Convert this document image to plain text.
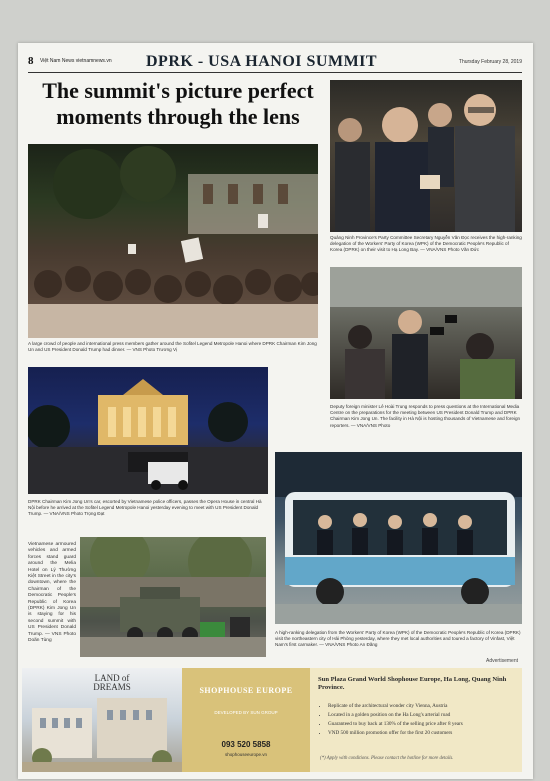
8 Việt Nam News vietnamnews.vn DPRK - USA HANOI SUMMIT	Thursday February 28, 2019
The summit's picture perfect moments through the lens
A large crowd of people and international press members gather around the Sofitel Legend Metropole Hanoi where DPRK Chairman Kim Jong Un and US President Donald Trump had dinner. — VNS Photo Trương Vị
Quảng Ninh Province's Party Committee Secretary Nguyễn Văn Đọc receives the high-ranking delegation of the Workers' Party of Korea (WPK) of the Democratic People's Republic of Korea (DPRK) on their visit to Hạ Long Bay. — VNA/VNS Photo Văn Đức
Deputy foreign minister Lê Hoài Trung responds to press questions at the International Media Centre on the preparations for the meeting between US President Donald Trump and DPRK Chairman Kim Jong Un. The facility in Hà Nội is hosting thousands of Vietnamese and foreign reporters. — VNA/VNS Photo
DPRK Chairman Kim Jong Un's car, escorted by Vietnamese police officers, passes the Opera House in central Hà Nội before he arrived at the Sofitel Legend Metropole Hanoi yesterday evening to meet with US President Donald Trump. — VNA/VNS Photo Trọng Đạt
Vietnamese armoured vehicles and armed forces stand guard around the Melia Hotel on Lý Thường Kiệt Street in the city's downtown, where the Chairman of the Democratic People's Republic of Korea (DPRK) Kim Jong Un is staying for his second summit with US President Donald Trump. — VNS Photo Doãn Tùng
A high-ranking delegation from the Workers' Party of Korea (WPK) of the Democratic People's Republic of Korea (DPRK) visit the northeastern city of Hải Phòng yesterday, where they met local authorities and toured a factory of Vinfast, Việt Nam's first carmaker. — VNA/VNS Photo An Đăng
Advertisement
LAND of DREAMS	SHOPHOUSE EUROPE
DEVELOPED BY SUN GROUP
093 520 5858
shophouseeurope.vn
Sun Plaza Grand World Shophouse Europe, Ha Long, Quang Ninh Province.
• Replicate of the architectural wonder city Vienna, Austria
• Located in a golden position on the Ha Long's arterial road
• Guaranteed to buy back at 130% of the selling price after 8 years
• VND 500 million promotion offer for the first 20 customers
(*) Apply with conditions. Please contact the hotline for more details.
